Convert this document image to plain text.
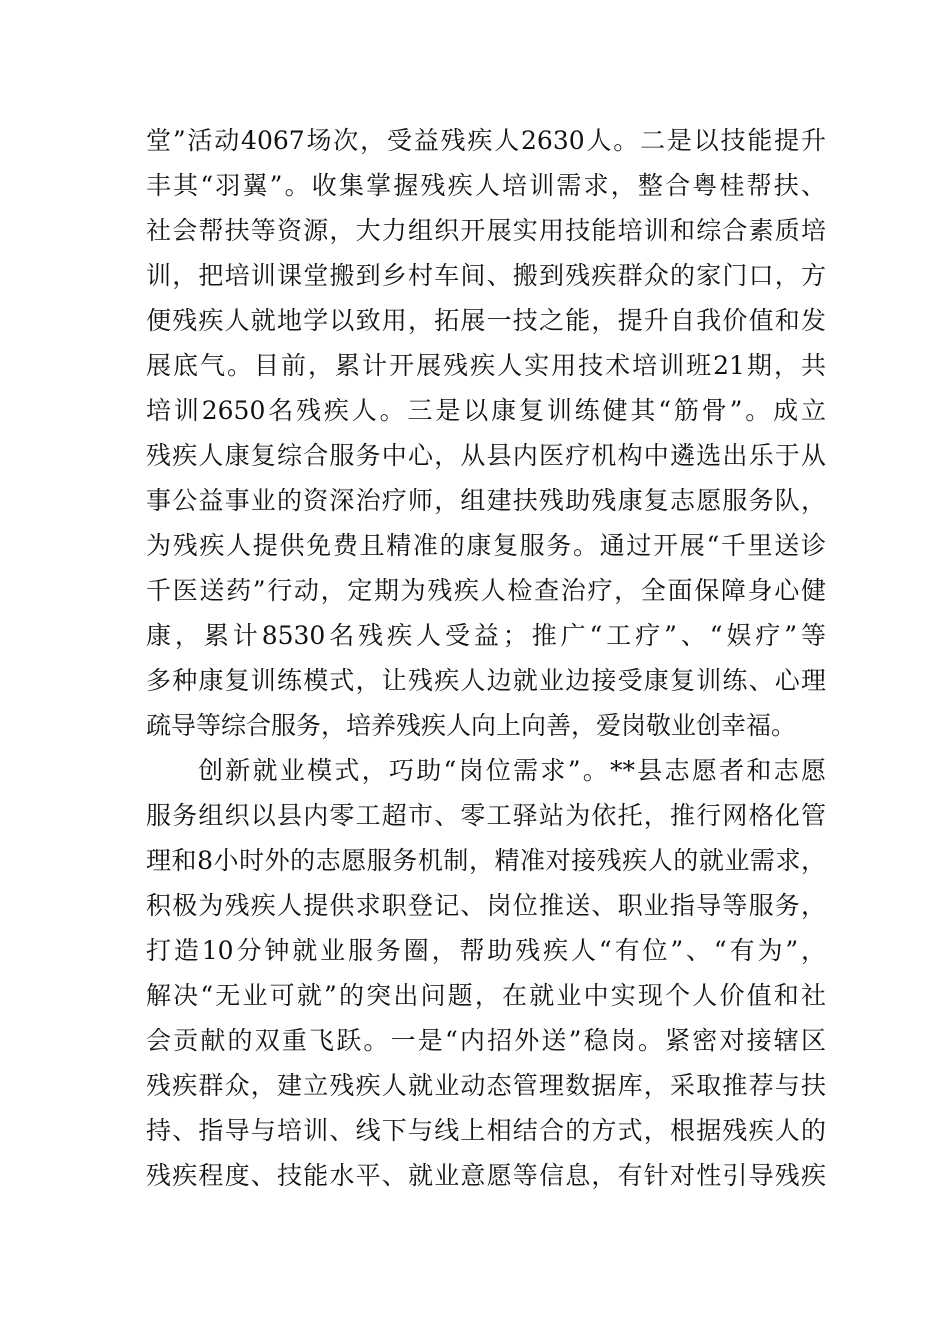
堂”活动4067场次，受益残疾人2630人。二是以技能提升
丰其“羽翼”。收集掌握残疾人培训需求，整合粤桂帮扶、
社会帮扶等资源，大力组织开展实用技能培训和综合素质培
训，把培训课堂搬到乡村车间、搬到残疾群众的家门口，方
便残疾人就地学以致用，拓展一技之能，提升自我价值和发
展底气。目前，累计开展残疾人实用技术培训班21期，共
培训2650名残疾人。三是以康复训练健其“筋骨”。成立
残疾人康复综合服务中心，从县内医疗机构中遴选出乐于从
事公益事业的资深治疗师，组建扶残助残康复志愿服务队，
为残疾人提供免费且精准的康复服务。通过开展“千里送诊
千医送药”行动，定期为残疾人检查治疗，全面保障身心健
康，累计8530名残疾人受益；推广“工疗”、“娱疗”等
多种康复训练模式，让残疾人边就业边接受康复训练、心理
疏导等综合服务，培养残疾人向上向善，爱岗敬业创幸福。
创新就业模式，巧助“岗位需求”。**县志愿者和志愿
服务组织以县内零工超市、零工驿站为依托，推行网格化管
理和8小时外的志愿服务机制，精准对接残疾人的就业需求，
积极为残疾人提供求职登记、岗位推送、职业指导等服务，
打造10分钟就业服务圈，帮助残疾人“有位”、“有为”，
解决“无业可就”的突出问题，在就业中实现个人价值和社
会贡献的双重飞跃。一是“内招外送”稳岗。紧密对接辖区
残疾群众，建立残疾人就业动态管理数据库，采取推荐与扶
持、指导与培训、线下与线上相结合的方式，根据残疾人的
残疾程度、技能水平、就业意愿等信息，有针对性引导残疾
